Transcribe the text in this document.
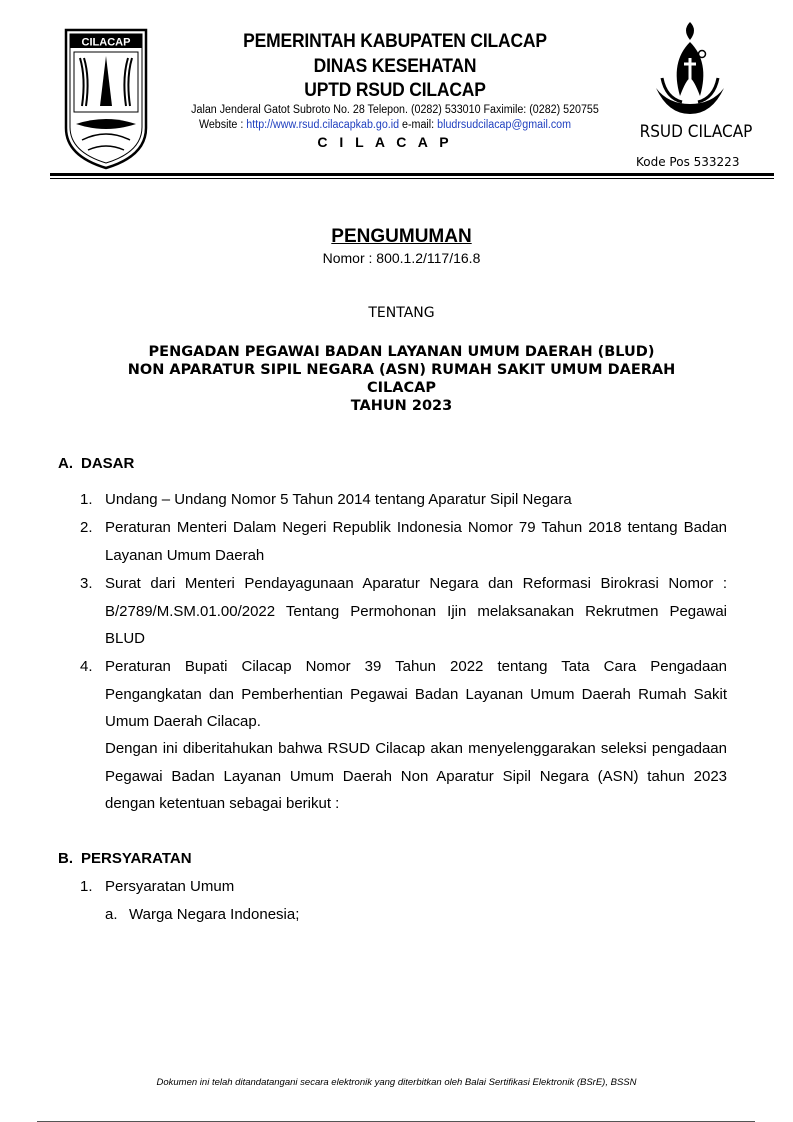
CILACAP	PEMERINTAH KABUPATEN CILACAP
DINAS KESEHATAN
UPTD RSUD CILACAP
Jalan Jenderal Gatot Subroto No. 28 Telepon. (0282) 533010 Faximile: (0282) 520755
Website : http://www.rsud.cilacapkab.go.id e-mail: bludrsudcilacap@gmail.com
C I L A C A P	RSUD CILACAP
Kode Pos 533223
PENGUMUMAN
Nomor : 800.1.2/117/16.8
TENTANG
PENGADAN PEGAWAI BADAN LAYANAN UMUM DAERAH (BLUD)
NON APARATUR SIPIL NEGARA (ASN) RUMAH SAKIT UMUM DAERAH
CILACAP
TAHUN 2023
A. DASAR
1. Undang – Undang Nomor 5 Tahun 2014 tentang Aparatur Sipil Negara
2. Peraturan Menteri Dalam Negeri Republik Indonesia Nomor 79 Tahun 2018 tentang Badan Layanan Umum Daerah
3. Surat dari Menteri Pendayagunaan Aparatur Negara dan Reformasi Birokrasi Nomor : B/2789/M.SM.01.00/2022 Tentang Permohonan Ijin melaksanakan Rekrutmen Pegawai BLUD
4. Peraturan Bupati Cilacap Nomor 39 Tahun 2022 tentang Tata Cara Pengadaan Pengangkatan dan Pemberhentian Pegawai Badan Layanan Umum Daerah Rumah Sakit Umum Daerah Cilacap.
Dengan ini diberitahukan bahwa RSUD Cilacap akan menyelenggarakan seleksi pengadaan Pegawai Badan Layanan Umum Daerah Non Aparatur Sipil Negara (ASN) tahun 2023 dengan ketentuan sebagai berikut :
B. PERSYARATAN
1. Persyaratan Umum
a. Warga Negara Indonesia;
Dokumen ini telah ditandatangani secara elektronik yang diterbitkan oleh Balai Sertifikasi Elektronik (BSrE), BSSN
